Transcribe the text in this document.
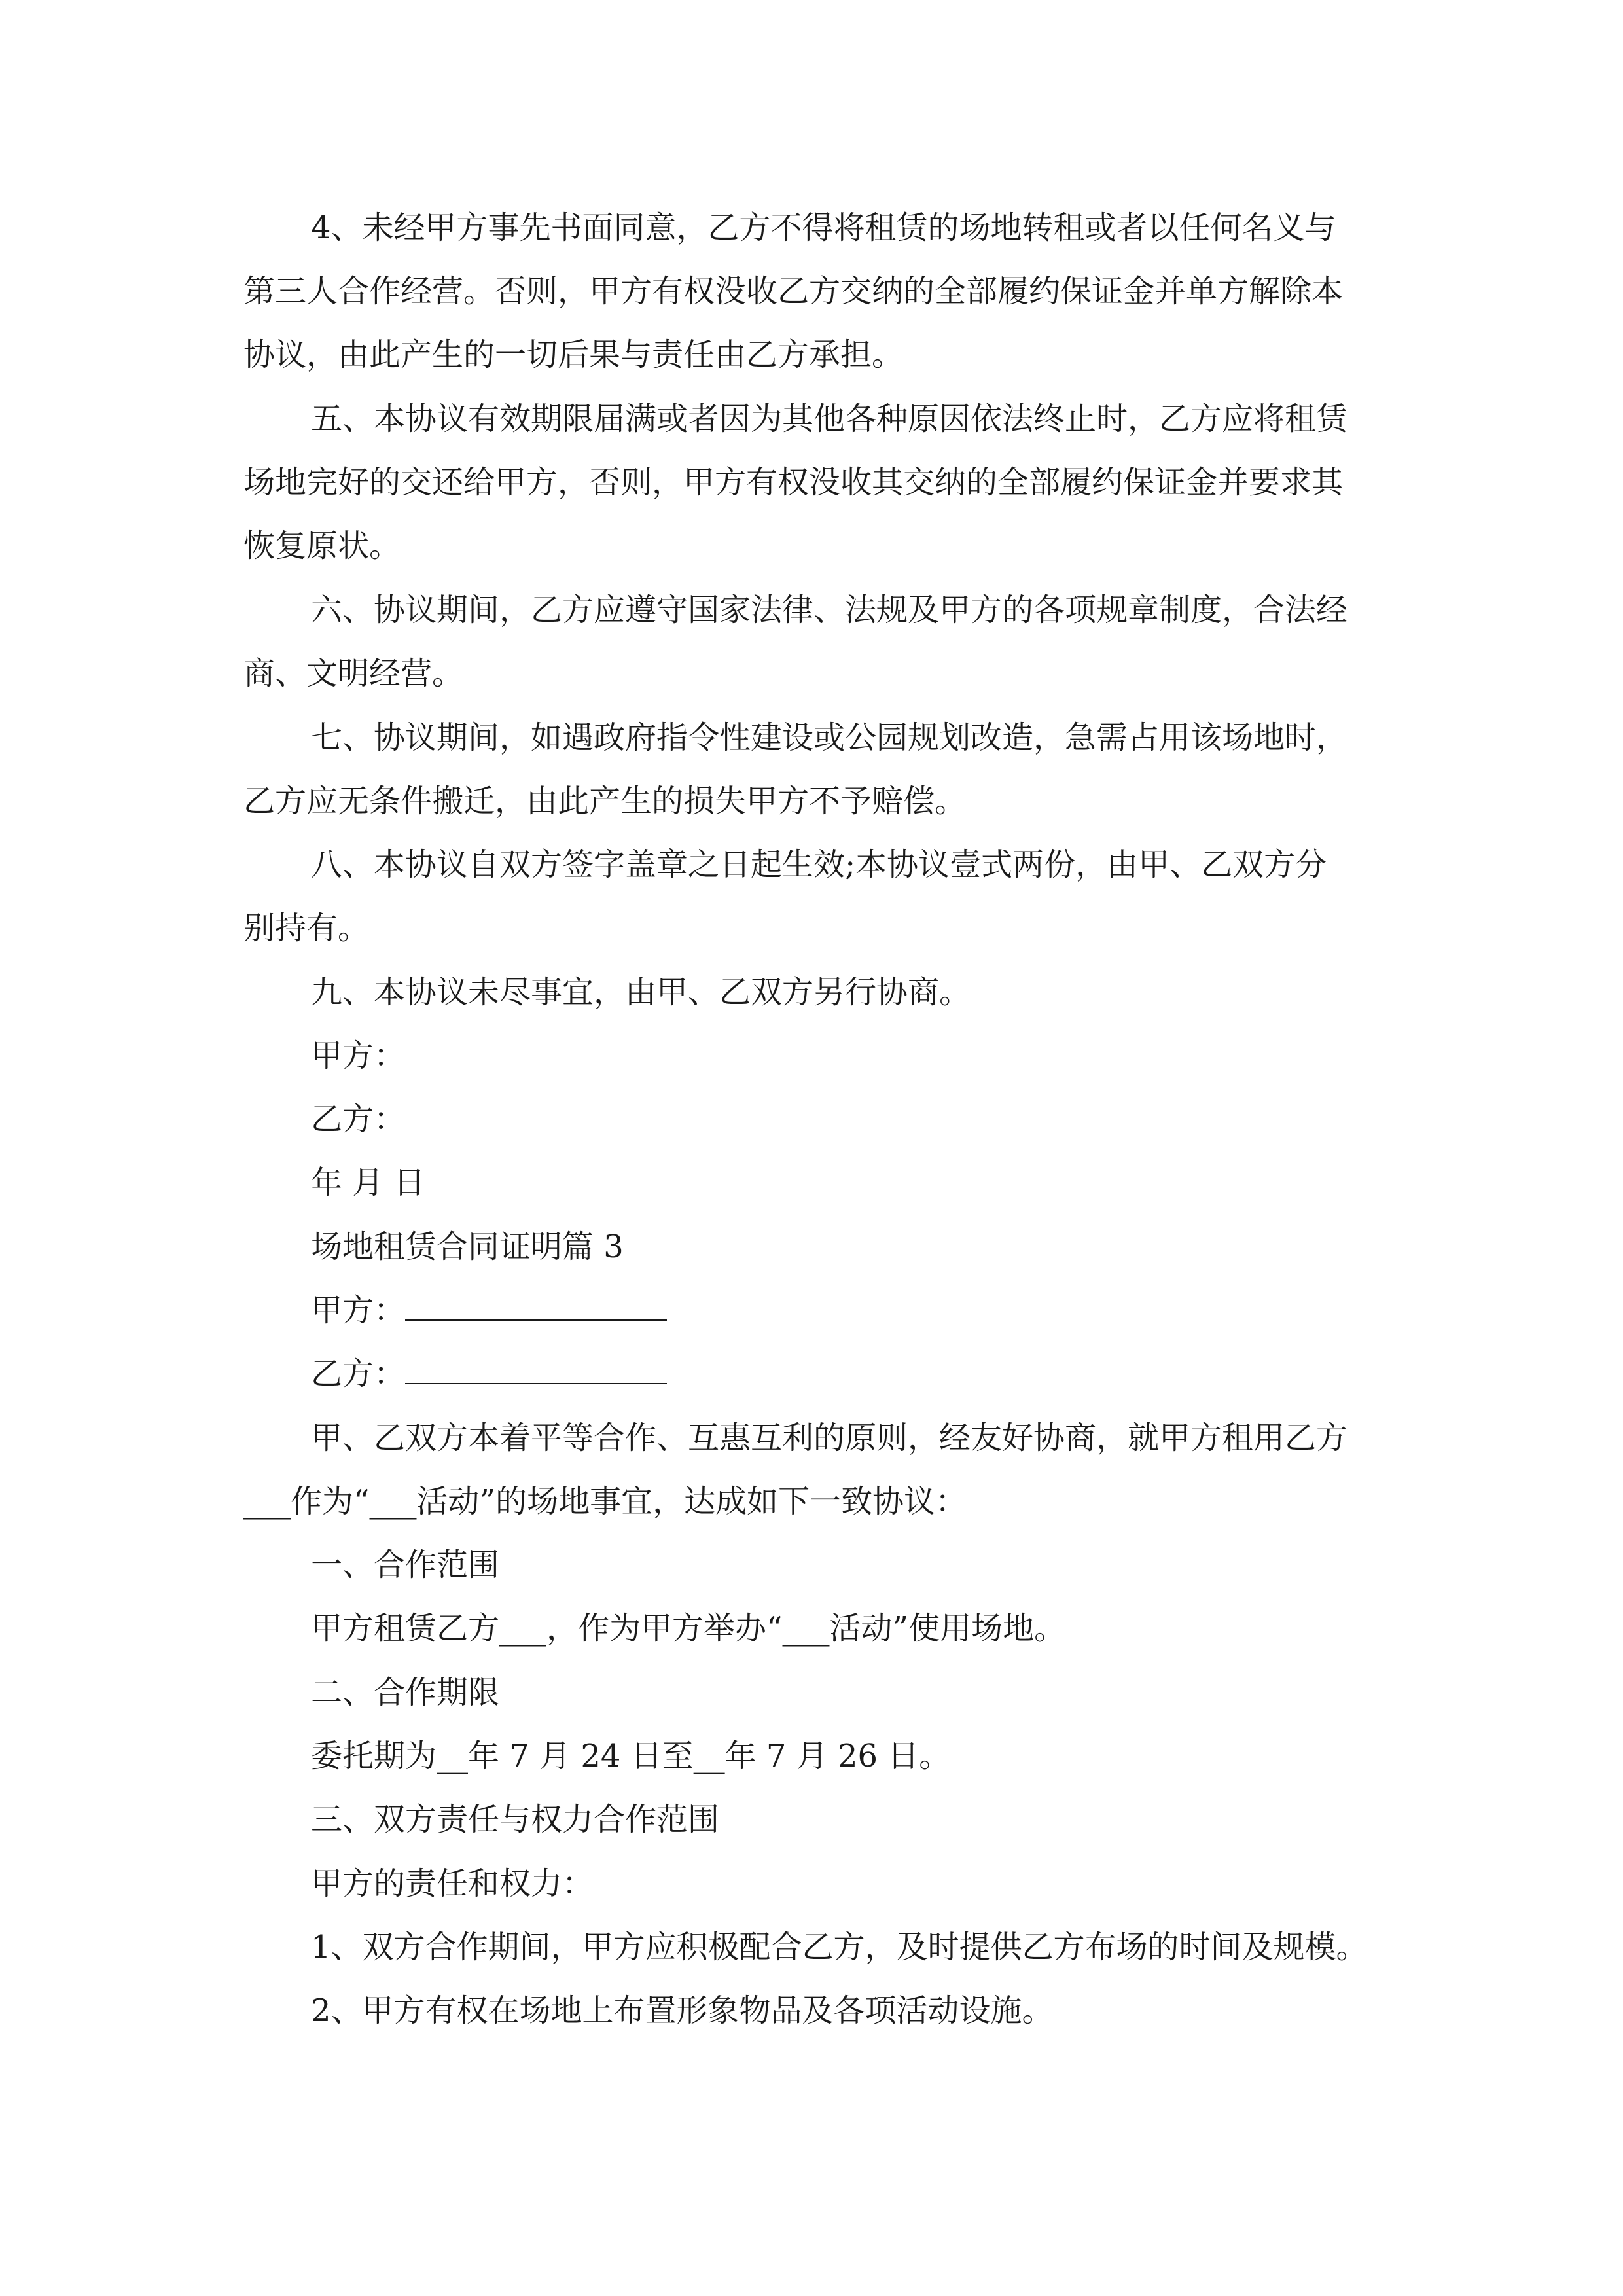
4、未经甲方事先书面同意，乙方不得将租赁的场地转租或者以任何名义与
第三人合作经营。否则，甲方有权没收乙方交纳的全部履约保证金并单方解除本
协议，由此产生的一切后果与责任由乙方承担。
五、本协议有效期限届满或者因为其他各种原因依法终止时，乙方应将租赁
场地完好的交还给甲方，否则，甲方有权没收其交纳的全部履约保证金并要求其
恢复原状。
六、协议期间，乙方应遵守国家法律、法规及甲方的各项规章制度，合法经
商、文明经营。
七、协议期间，如遇政府指令性建设或公园规划改造，急需占用该场地时，
乙方应无条件搬迁，由此产生的损失甲方不予赔偿。
八、本协议自双方签字盖章之日起生效;本协议壹式两份，由甲、乙双方分
别持有。
九、本协议未尽事宜，由甲、乙双方另行协商。
甲方：
乙方：
年 月 日
场地租赁合同证明篇 3
甲方：
乙方：
甲、乙双方本着平等合作、互惠互利的原则，经友好协商，就甲方租用乙方
___作为“___活动”的场地事宜，达成如下一致协议：
一、合作范围
甲方租赁乙方___，作为甲方举办“___活动”使用场地。
二、合作期限
委托期为__年 7 月 24 日至__年 7 月 26 日。
三、双方责任与权力合作范围
甲方的责任和权力：
1、双方合作期间，甲方应积极配合乙方，及时提供乙方布场的时间及规模。
2、甲方有权在场地上布置形象物品及各项活动设施。
